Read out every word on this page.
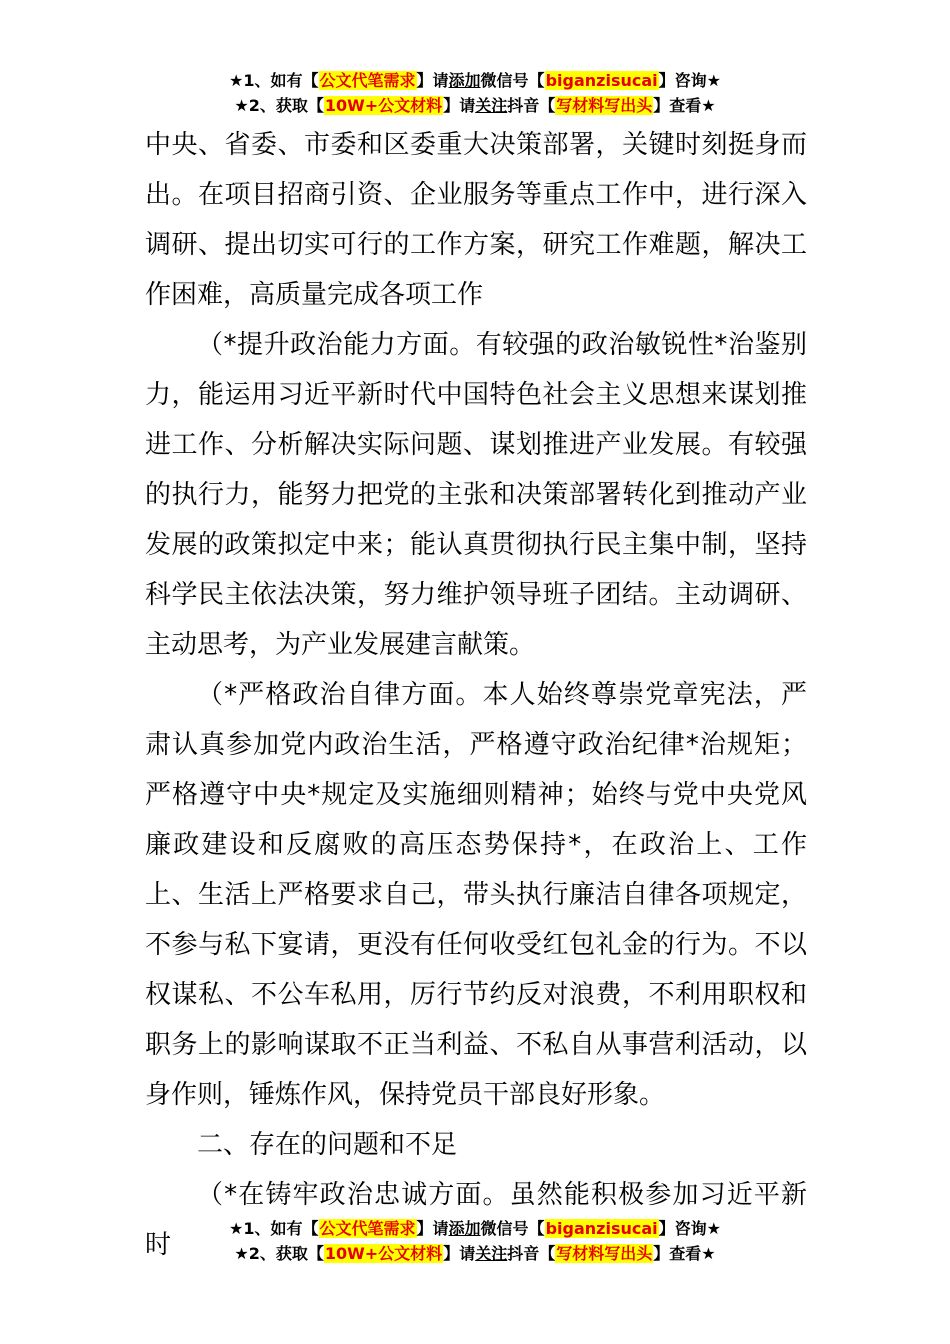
★1、如有【公文代笔需求】请添加微信号【biganzisucai】咨询★
★2、获取【10W+公文材料】请关注抖音【写材料写出头】查看★

中央、省委、市委和区委重大决策部署，关键时刻挺身而出。在项目招商引资、企业服务等重点工作中，进行深入调研、提出切实可行的工作方案，研究工作难题，解决工作困难，高质量完成各项工作

（*提升政治能力方面。有较强的政治敏锐性*治鉴别力，能运用习近平新时代中国特色社会主义思想来谋划推进工作、分析解决实际问题、谋划推进产业发展。有较强的执行力，能努力把党的主张和决策部署转化到推动产业发展的政策拟定中来；能认真贯彻执行民主集中制，坚持科学民主依法决策，努力维护领导班子团结。主动调研、主动思考，为产业发展建言献策。

（*严格政治自律方面。本人始终尊崇党章宪法，严肃认真参加党内政治生活，严格遵守政治纪律*治规矩；严格遵守中央*规定及实施细则精神；始终与党中央党风廉政建设和反腐败的高压态势保持*，在政治上、工作上、生活上严格要求自己，带头执行廉洁自律各项规定，不参与私下宴请，更没有任何收受红包礼金的行为。不以权谋私、不公车私用，厉行节约反对浪费，不利用职权和职务上的影响谋取不正当利益、不私自从事营利活动，以身作则，锤炼作风，保持党员干部良好形象。

二、存在的问题和不足

（*在铸牢政治忠诚方面。虽然能积极参加习近平新时

★1、如有【公文代笔需求】请添加微信号【biganzisucai】咨询★
★2、获取【10W+公文材料】请关注抖音【写材料写出头】查看★
